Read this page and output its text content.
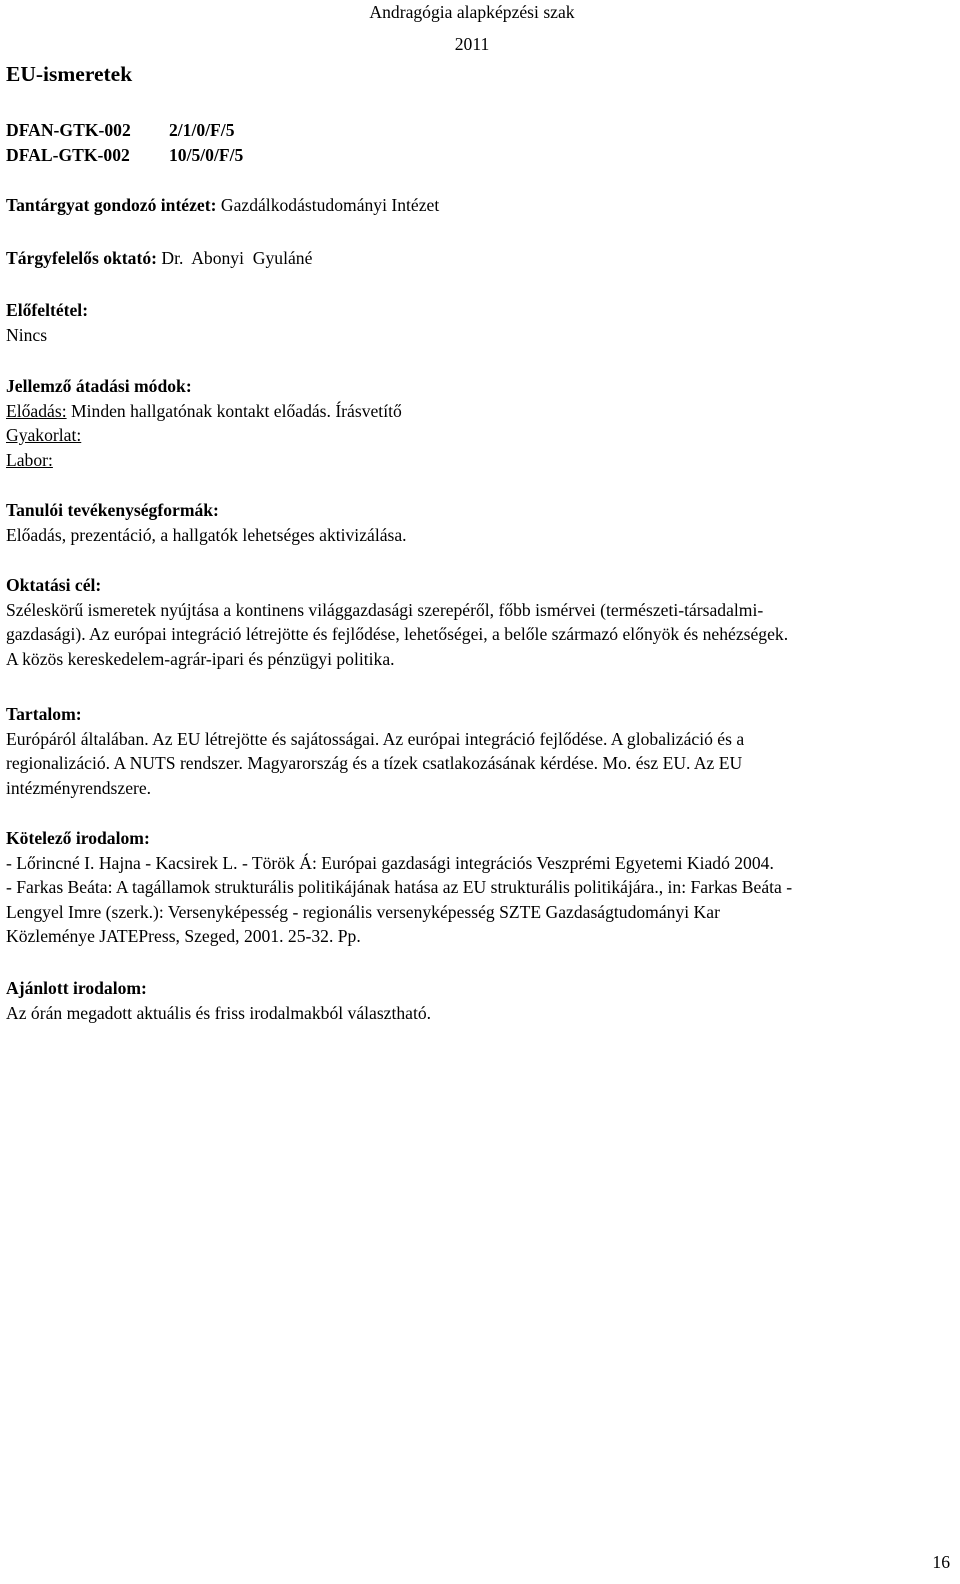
Andragógia alapképzési szak
2011
EU-ismeretek
DFAN-GTK-002	2/1/0/F/5
DFAL-GTK-002	10/5/0/F/5
Tantárgyat gondozó intézet: Gazdálkodástudományi Intézet
Tárgyfelelős oktató: Dr.  Abonyi  Gyuláné
Előfeltétel:
Nincs
Jellemző átadási módok:
Előadás: Minden hallgatónak kontakt előadás. Írásvetítő
Gyakorlat:
Labor:
Tanulói tevékenységformák:
Előadás, prezentáció, a hallgatók lehetséges aktivizálása.
Oktatási cél:
Széleskörű ismeretek nyújtása a kontinens világgazdasági szerepéről, főbb ismérvei (természeti-társadalmi-
gazdasági). Az európai integráció létrejötte és fejlődése, lehetőségei, a belőle származó előnyök és nehézségek.
A közös kereskedelem-agrár-ipari és pénzügyi politika.
Tartalom:
Európáról általában. Az EU létrejötte és sajátosságai. Az európai integráció fejlődése. A globalizáció és a
regionalizáció. A NUTS rendszer. Magyarország és a tízek csatlakozásának kérdése. Mo. ész EU. Az EU
intézményrendszere.
Kötelező irodalom:
- Lőrincné I. Hajna - Kacsirek L. - Török Á: Európai gazdasági integrációs Veszprémi Egyetemi Kiadó 2004.
- Farkas Beáta: A tagállamok strukturális politikájának hatása az EU strukturális politikájára., in: Farkas Beáta -
Lengyel Imre (szerk.): Versenyképesség - regionális versenyképesség SZTE Gazdaságtudományi Kar
Közleménye JATEPress, Szeged, 2001. 25-32. Pp.
Ajánlott irodalom:
Az órán megadott aktuális és friss irodalmakból választható.
16
